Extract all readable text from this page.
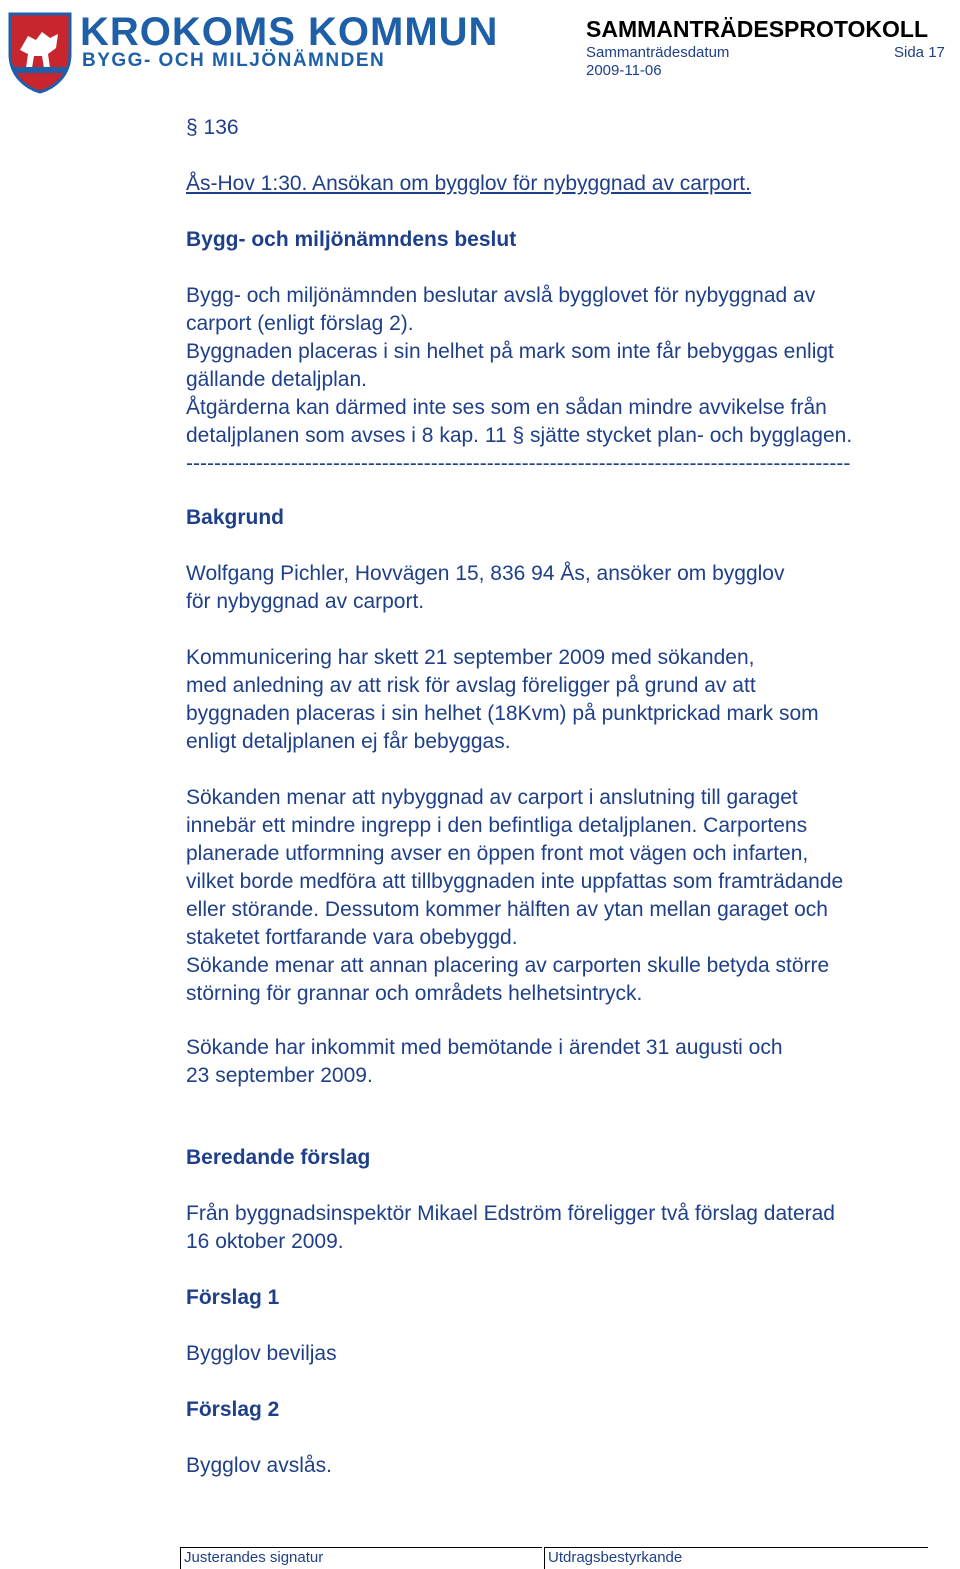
KROKOMS KOMMUN
BYGG- OCH MILJÖNÄMNDEN
SAMMANTRÄDESPROTOKOLL
Sammanträdesdatum	Sida 17
2009-11-06
§ 136
Ås-Hov 1:30. Ansökan om bygglov för nybyggnad av carport.
Bygg- och miljönämndens beslut
Bygg- och miljönämnden beslutar avslå bygglovet för nybyggnad av
carport (enligt förslag 2).
Byggnaden placeras i sin helhet på mark som inte får bebyggas enligt
gällande detaljplan.
Åtgärderna kan därmed inte ses som en sådan mindre avvikelse från
detaljplanen som avses i 8 kap. 11 § sjätte stycket plan- och bygglagen.
-----------------------------------------------------------------------------------------------
Bakgrund
Wolfgang Pichler, Hovvägen 15, 836 94 Ås, ansöker om bygglov
för nybyggnad av carport.
Kommunicering har skett 21 september 2009 med sökanden,
med anledning av att risk för avslag föreligger på grund av att
byggnaden placeras i sin helhet (18Kvm) på punktprickad mark som
enligt detaljplanen ej får bebyggas.
Sökanden menar att nybyggnad av carport i anslutning till garaget
innebär ett mindre ingrepp i den befintliga detaljplanen. Carportens
planerade utformning avser en öppen front mot vägen och infarten,
vilket borde medföra att tillbyggnaden inte uppfattas som framträdande
eller störande. Dessutom kommer hälften av ytan mellan garaget och
staketet fortfarande vara obebyggd.
Sökande menar att annan placering av carporten skulle betyda större
störning för grannar och områdets helhetsintryck.
Sökande har inkommit med bemötande i ärendet 31 augusti och
23 september 2009.
Beredande förslag
Från byggnadsinspektör Mikael Edström föreligger två förslag daterad
16 oktober 2009.
Förslag 1
Bygglov beviljas
Förslag 2
Bygglov avslås.
Justerandes signatur	Utdragsbestyrkande
